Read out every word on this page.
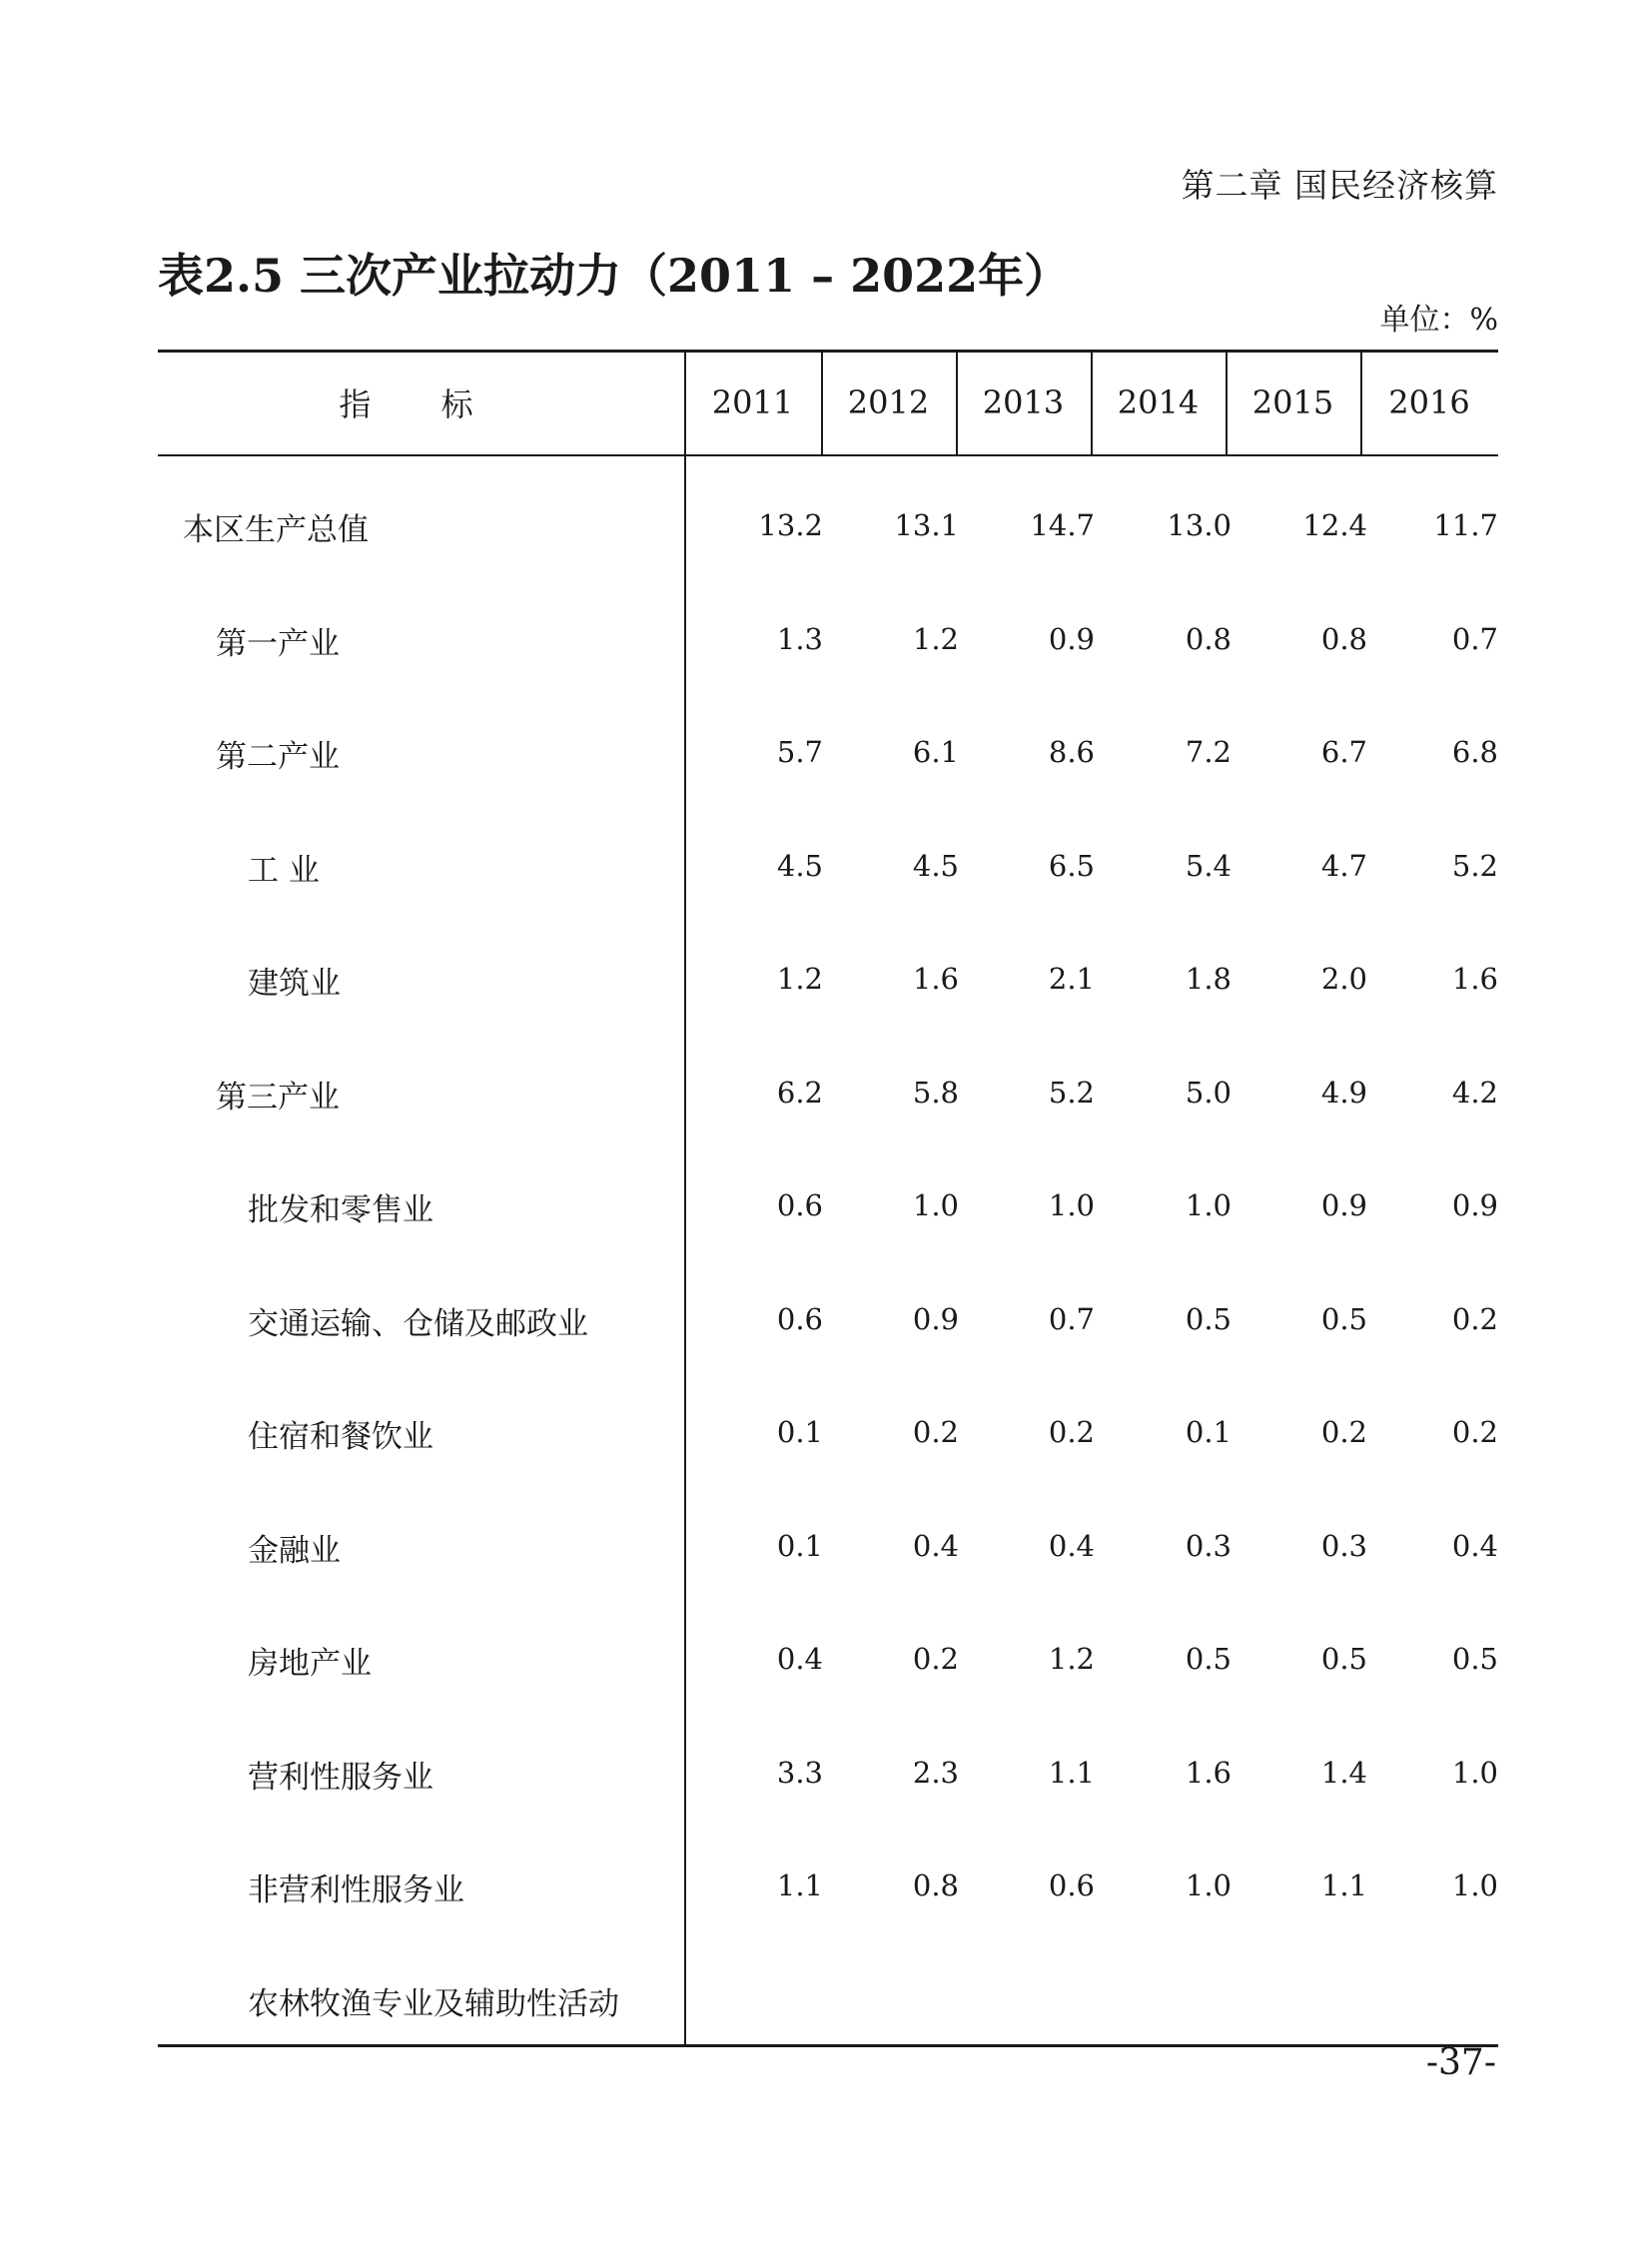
第二章 国民经济核算
表2.5 三次产业拉动力（2011 – 2022年）
单位：%
指 标	2011	2012	2013	2014	2015	2016
本区生产总值	13.2	13.1	14.7	13.0	12.4	11.7
第一产业	1.3	1.2	0.9	0.8	0.8	0.7
第二产业	5.7	6.1	8.6	7.2	6.7	6.8
工 业	4.5	4.5	6.5	5.4	4.7	5.2
建筑业	1.2	1.6	2.1	1.8	2.0	1.6
第三产业	6.2	5.8	5.2	5.0	4.9	4.2
批发和零售业	0.6	1.0	1.0	1.0	0.9	0.9
交通运输、仓储及邮政业	0.6	0.9	0.7	0.5	0.5	0.2
住宿和餐饮业	0.1	0.2	0.2	0.1	0.2	0.2
金融业	0.1	0.4	0.4	0.3	0.3	0.4
房地产业	0.4	0.2	1.2	0.5	0.5	0.5
营利性服务业	3.3	2.3	1.1	1.6	1.4	1.0
非营利性服务业	1.1	0.8	0.6	1.0	1.1	1.0
农林牧渔专业及辅助性活动
-37-
